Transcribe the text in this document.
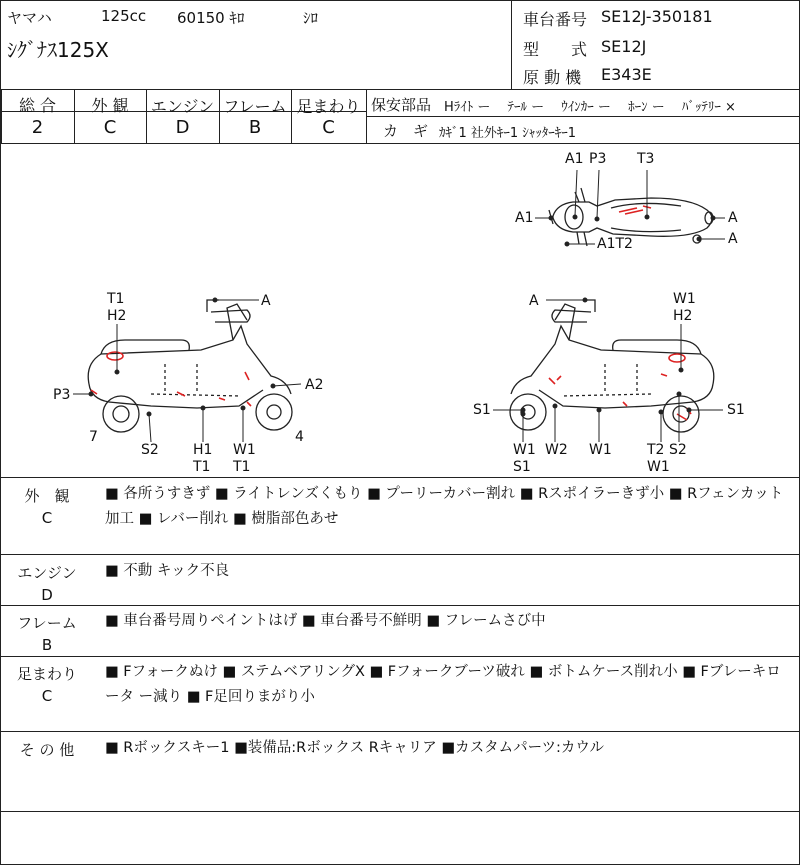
ヤマハ	125cc 60150 ｷﾛ	ｼﾛ
ｼｸﾞﾅｽ125X
車台番号 SE12J-350181
型　　式 SE12J
原 動 機 E343E
総 合	外 観	エンジン フレーム 足まわり
2	C	D	B	C
保安部品 Hﾗｲﾄ ー　 ﾃｰﾙ ー　 ｳｲﾝｶｰ ー　 ﾎｰﾝ ー　 ﾊﾞｯﾃﾘｰ ×
カ　ギ ｶｷﾞ1 社外ｷｰ1 ｼｬｯﾀｰｷｰ1
A1 P3 T3
A1	A
A
A1T2
T1
H2
A
P3
A2
7
S2 H1
T1
W1
T1
4
A	W1
H2
S1	S1
W1
S1
W2 W1	T2 S2
W1
外　観
C
■ 各所うすきず ■ ライトレンズくもり ■ プーリーカバー割れ ■ Rスポイラーきず小 ■ Rフェンカット加工 ■ レバー削れ ■ 樹脂部色あせ
エンジン
D
■ 不動 キック不良
フレーム
B
■ 車台番号周りペイントはげ ■ 車台番号不鮮明 ■ フレームさび中
足まわり
C
■ Fフォークぬけ ■ ステムベアリングX ■ Fフォークブーツ破れ ■ ボトムケース削れ小 ■ Fブレーキロータ ー減り ■ F足回りまがり小
そ の 他	■ Rボックスキー1 ■装備品:Rボックス Rキャリア ■カスタムパーツ:カウル
